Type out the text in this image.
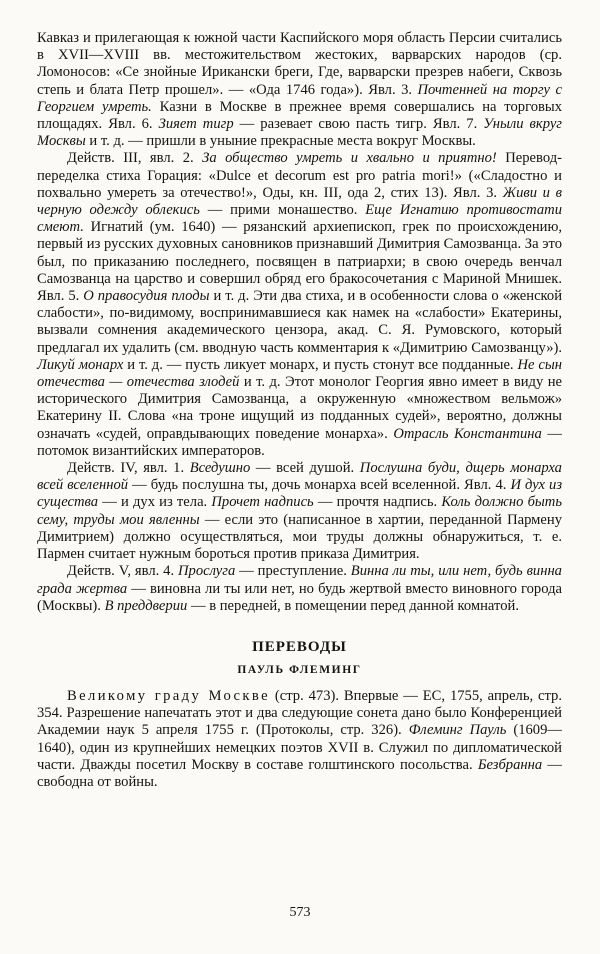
Кавказ и прилегающая к южной части Каспийского моря область Персии считались в XVII—XVIII вв. местожительством жестоких, варварских народов (ср. Ломоносов: «Се знойные Ирикански бреги, Где, варварски презрев набеги, Сквозь степь и блата Петр прошел». — «Ода 1746 года»). Явл. 3. Почтенней на торгу с Георгием умреть. Казни в Москве в прежнее время совершались на торговых площадях. Явл. 6. Зияет тигр — разевает свою пасть тигр. Явл. 7. Уныли вкруг Москвы и т. д. — пришли в уныние прекрасные места вокруг Москвы.

Действ. III, явл. 2. За общество умреть и хвально и приятно! Перевод-переделка стиха Горация: «Dulce et decorum est pro patria mori!» («Сладостно и похвально умереть за отечество!», Оды, кн. III, ода 2, стих 13). Явл. 3. Живи и в черную одежду облекись — прими монашество. Еще Игнатию противостати смеют. Игнатий (ум. 1640) — рязанский архиепископ, грек по происхождению, первый из русских духовных сановников признавший Димитрия Самозванца. За это был, по приказанию последнего, посвящен в патриархи; в свою очередь венчал Самозванца на царство и совершил обряд его бракосочетания с Мариной Мнишек. Явл. 5. О правосудия плоды и т. д. Эти два стиха, и в особенности слова о «женской слабости», по-видимому, воспринимавшиеся как намек на «слабости» Екатерины, вызвали сомнения академического цензора, акад. С. Я. Румовского, который предлагал их удалить (см. вводную часть комментария к «Димитрию Самозванцу»). Ликуй монарх и т. д. — пусть ликует монарх, и пусть стонут все подданные. Не сын отечества — отечества злодей и т. д. Этот монолог Георгия явно имеет в виду не исторического Димитрия Самозванца, а окруженную «множеством вельмож» Екатерину II. Слова «на троне ищущий из подданных судей», вероятно, должны означать «судей, оправдывающих поведение монарха». Отрасль Константина — потомок византийских императоров.

Действ. IV, явл. 1. Вседушно — всей душой. Послушна буди, дщерь монарха всей вселенной — будь послушна ты, дочь монарха всей вселенной. Явл. 4. И дух из существа — и дух из тела. Прочет надпись — прочтя надпись. Коль должно быть сему, труды мои явленны — если это (написанное в хартии, переданной Пармену Димитрием) должно осуществляться, мои труды должны обнаружиться, т. е. Пармен считает нужным бороться против приказа Димитрия.

Действ. V, явл. 4. Прослуга — преступление. Винна ли ты, или нет, будь винна града жертва — виновна ли ты или нет, но будь жертвой вместо виновного города (Москвы). В преддверии — в передней, в помещении перед данной комнатой.

ПЕРЕВОДЫ
ПАУЛЬ ФЛЕМИНГ

Великому граду Москве (стр. 473). Впервые — ЕС, 1755, апрель, стр. 354. Разрешение напечатать этот и два следующие сонета дано было Конференцией Академии наук 5 апреля 1755 г. (Протоколы, стр. 326). Флеминг Пауль (1609—1640), один из крупнейших немецких поэтов XVII в. Служил по дипломатической части. Дважды посетил Москву в составе голштинского посольства. Безбранна — свободна от войны.

573
